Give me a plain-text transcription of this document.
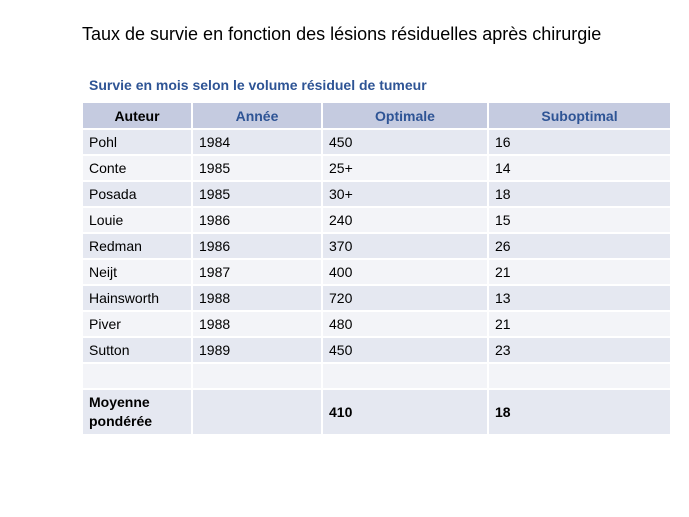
Taux de survie en fonction des lésions résiduelles après chirurgie
Survie en mois selon le volume résiduel de tumeur
Auteur	Année	Optimale	Suboptimal
Pohl	1984	450	16
Conte	1985	25+	14
Posada	1985	30+	18
Louie	1986	240	15
Redman	1986	370	26
Neijt	1987	400	21
Hainsworth	1988	720	13
Piver	1988	480	21
Sutton	1989	450	23

Moyenne
pondérée		410	18
